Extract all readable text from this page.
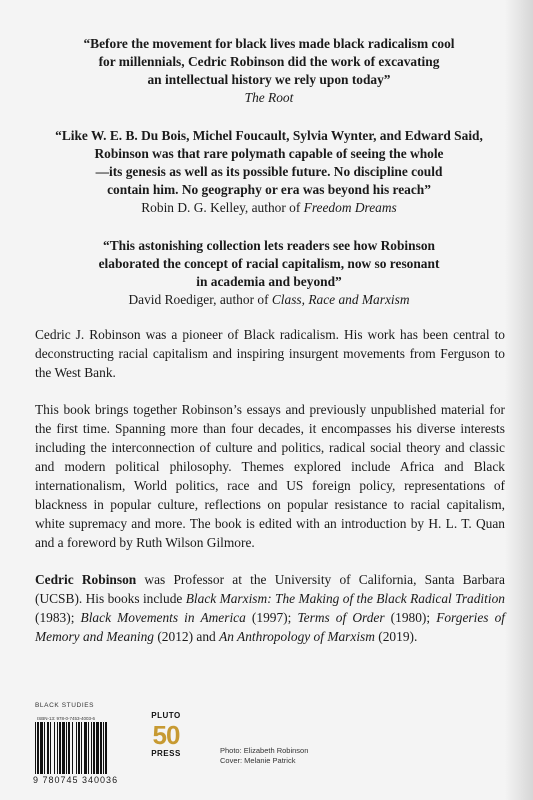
“Before the movement for black lives made black radicalism cool

for millennials, Cedric Robinson did the work of excavating

an intellectual history we rely upon today”

The Root

“Like W. E. B. Du Bois, Michel Foucault, Sylvia Wynter, and Edward Said,

Robinson was that rare polymath capable of seeing the whole

—its genesis as well as its possible future. No discipline could

contain him. No geography or era was beyond his reach”

Robin D. G. Kelley, author of Freedom Dreams

“This astonishing collection lets readers see how Robinson

elaborated the concept of racial capitalism, now so resonant

in academia and beyond”

David Roediger, author of Class, Race and Marxism

Cedric J. Robinson was a pioneer of Black radicalism. His work has been central to deconstructing racial capitalism and inspiring insurgent movements from Ferguson to the West Bank.

This book brings together Robinson’s essays and previously unpublished material for the first time. Spanning more than four decades, it encompasses his diverse interests including the interconnection of culture and politics, radical social theory and classic and modern political philosophy. Themes explored include Africa and Black internationalism, World politics, race and US foreign policy, representations of blackness in popular culture, reflections on popular resistance to racial capitalism, white supremacy and more. The book is edited with an introduction by H. L. T. Quan and a foreword by Ruth Wilson Gilmore.

Cedric Robinson was Professor at the University of California, Santa Barbara (UCSB). His books include Black Marxism: The Making of the Black Radical Tradition (1983); Black Movements in America (1997); Terms of Order (1980); Forgeries of Memory and Meaning (2012) and An Anthropology of Marxism (2019).

BLACK STUDIES
ISBN-13: 978-0-7453-4003-6
9 780745 340036
PLUTO
50
PRESS	Photo: Elizabeth Robinson
Cover: Melanie Patrick
